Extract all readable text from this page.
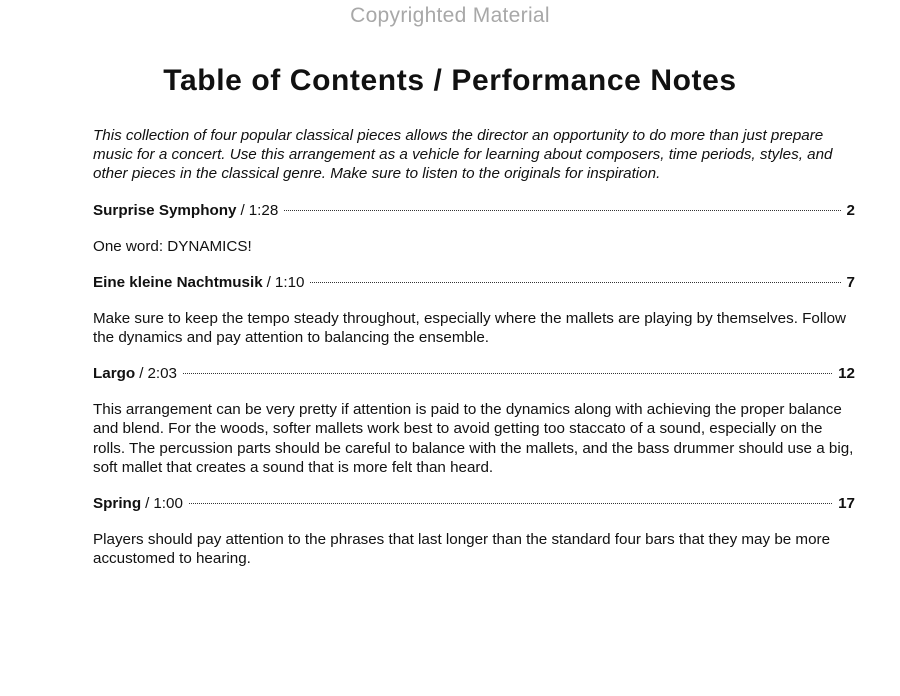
Copyrighted Material
Table of Contents / Performance Notes

This collection of four popular classical pieces allows the director an opportunity to do more than just prepare music for a concert. Use this arrangement as a vehicle for learning about composers, time periods, styles, and other pieces in the classical genre. Make sure to listen to the originals for inspiration.

Surprise Symphony / 1:28	2

One word: DYNAMICS!

Eine kleine Nachtmusik / 1:10	7

Make sure to keep the tempo steady throughout, especially where the mallets are playing by themselves. Follow the dynamics and pay attention to balancing the ensemble.

Largo / 2:03	12

This arrangement can be very pretty if attention is paid to the dynamics along with achieving the proper balance and blend. For the woods, softer mallets work best to avoid getting too staccato of a sound, especially on the rolls. The percussion parts should be careful to balance with the mallets, and the bass drummer should use a big, soft mallet that creates a sound that is more felt than heard.

Spring / 1:00	17

Players should pay attention to the phrases that last longer than the standard four bars that they may be more accustomed to hearing.
